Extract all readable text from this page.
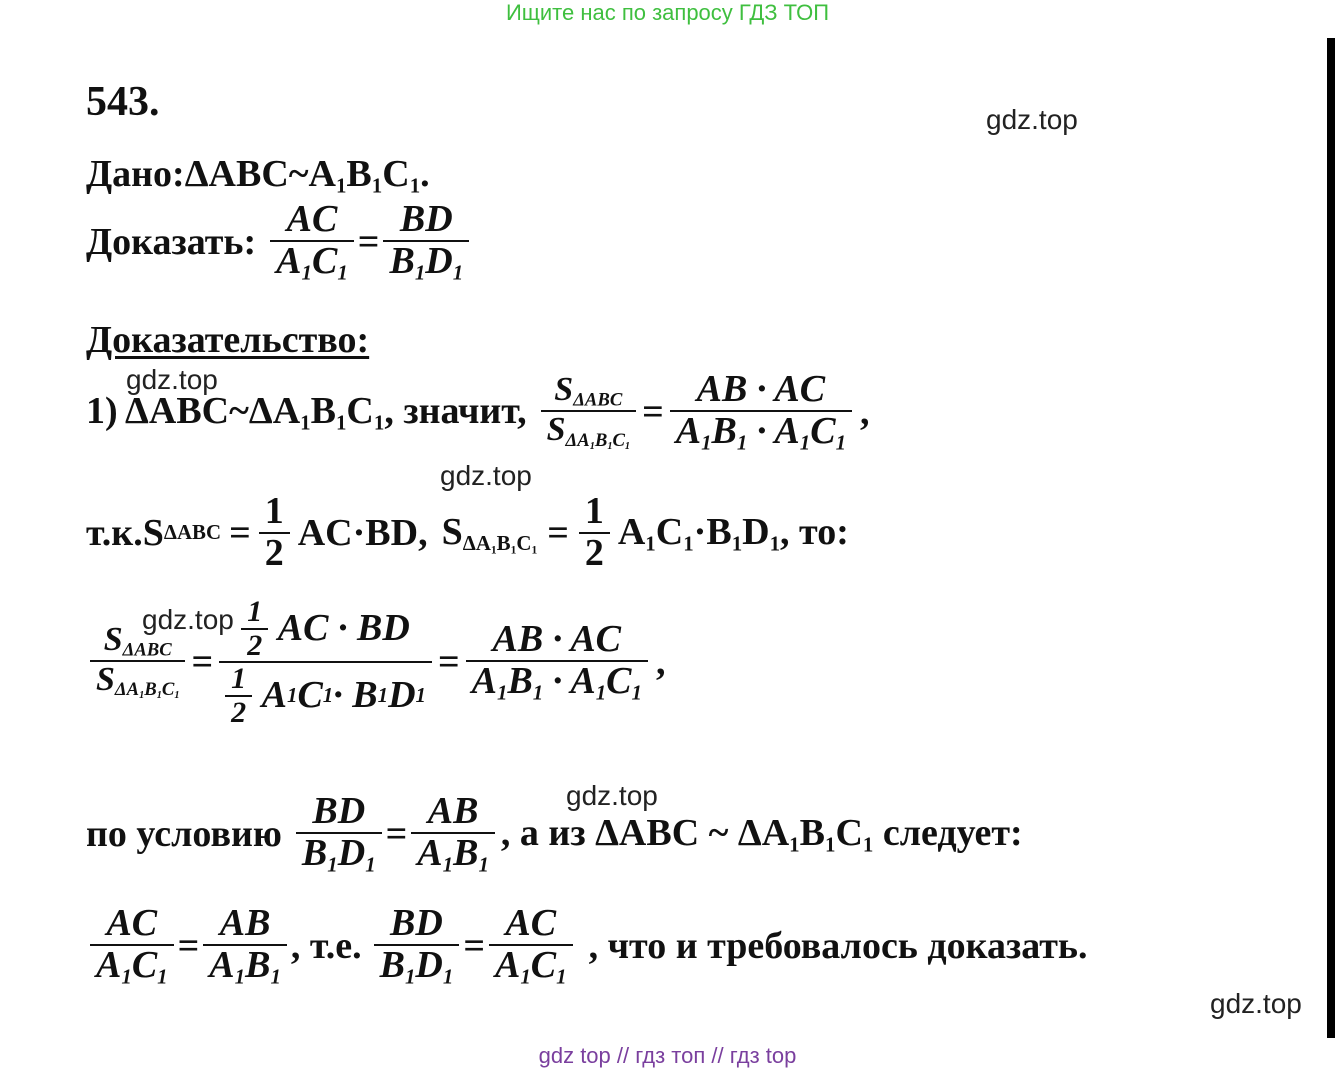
Ищите нас по запросу ГДЗ ТОП
543.	gdz.top
$Дано:\Delta ABC\sim A_1B_1C_1$.
Доказать: $\frac{AC}{A_1C_1} = \frac{BD}{B_1D_1}$
Доказательство:
gdz.top
1) $\Delta ABC\sim\Delta A_1B_1C_1$, значит, $\frac{S_{\Delta ABC}}{S_{\Delta A_1B_1C_1}} = \frac{AB \cdot AC}{A_1B_1 \cdot A_1C_1}$ ,
gdz.top
т.к.S $\Delta ABC = \frac{1}{2} AC\cdot BD$, $S_{\Delta A_1B_1C_1} = \frac{1}{2} A_1C_1\cdot B_1D_1$, то:
gdz.top
$\frac{S_{\Delta ABC}}{S_{\Delta A_1B_1C_1}} = \frac{\frac{1}{2} AC \cdot BD}{\frac{1}{2} A 1 C 1 \cdot B 1 D 1} = \frac{AB \cdot AC}{A_1B_1 \cdot A_1C_1}$ ,
gdz.top
по условию $\frac{BD}{B_1D_1} = \frac{AB}{A_1B_1}$ , а из ΔABC ~ $\Delta A_1B_1C_1$ следует:
$\frac{AC}{A_1C_1} = \frac{AB}{A_1B_1}$ , т.е. $\frac{BD}{B_1D_1} = \frac{AC}{A_1C_1}$ , что и требовалось доказать.
gdz.top
gdz top // гдз топ // гдз top
